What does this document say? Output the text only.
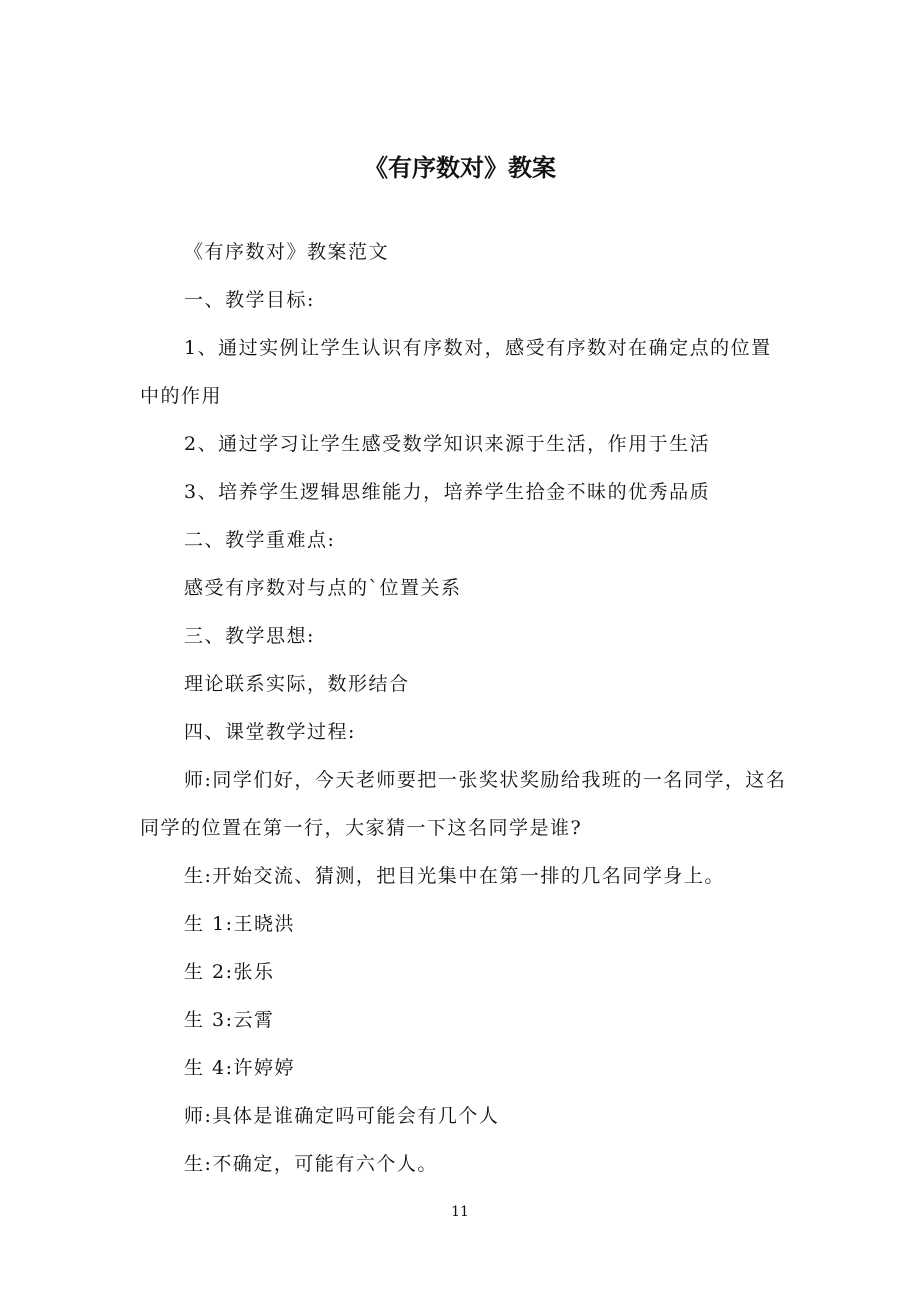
《有序数对》教案

《有序数对》教案范文

一、教学目标:

1、通过实例让学生认识有序数对，感受有序数对在确定点的位置中的作用

2、通过学习让学生感受数学知识来源于生活，作用于生活

3、培养学生逻辑思维能力，培养学生拾金不昧的优秀品质

二、教学重难点:

感受有序数对与点的`位置关系

三、教学思想:

理论联系实际，数形结合

四、课堂教学过程:

师:同学们好，今天老师要把一张奖状奖励给我班的一名同学，这名同学的位置在第一行，大家猜一下这名同学是谁?

生:开始交流、猜测，把目光集中在第一排的几名同学身上。

生 1:王晓洪

生 2:张乐

生 3:云霄

生 4:许婷婷

师:具体是谁确定吗可能会有几个人

生:不确定，可能有六个人。

11
